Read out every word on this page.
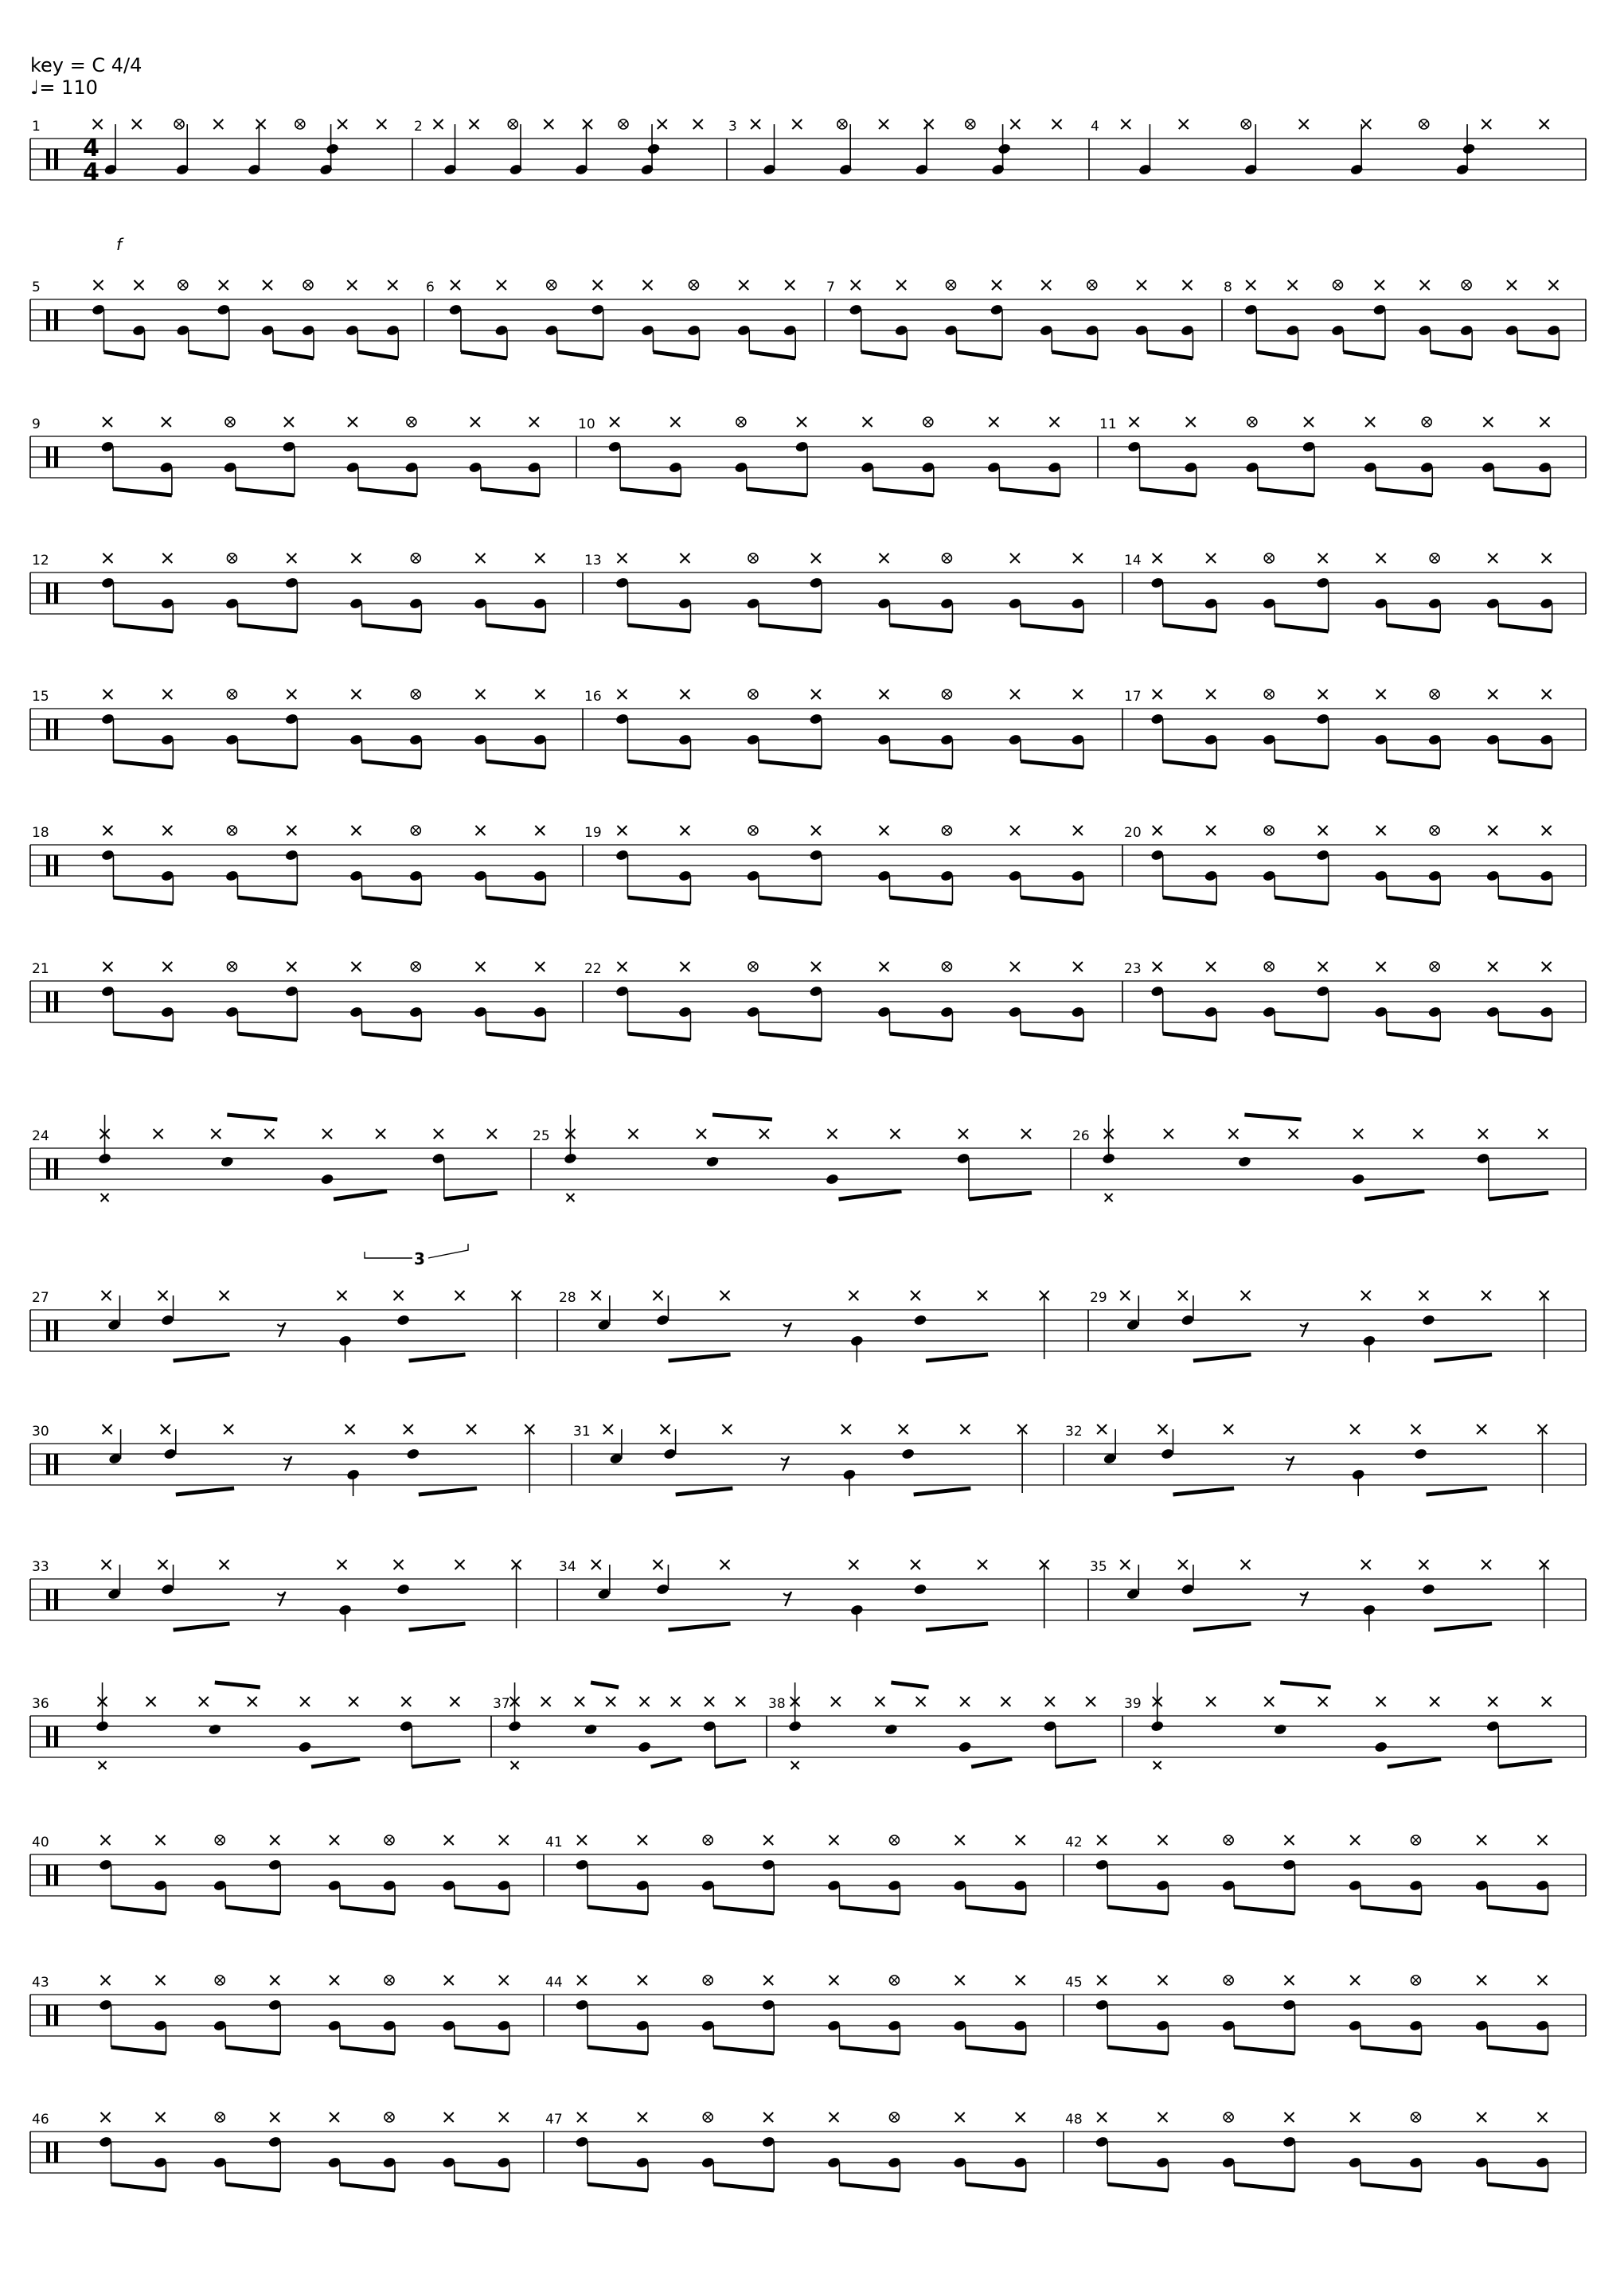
key = C 4/4
♩= 110
1	2	3	4
5	6	7	8
9	10	11
12	13	14
15	16	17
18	19	20
21	22	23
24	25	26
27	28	29
30	31	32
33	34	35
36	37	38	39
40	41	42
43	44	45
46	47	48
4
4
f
3
